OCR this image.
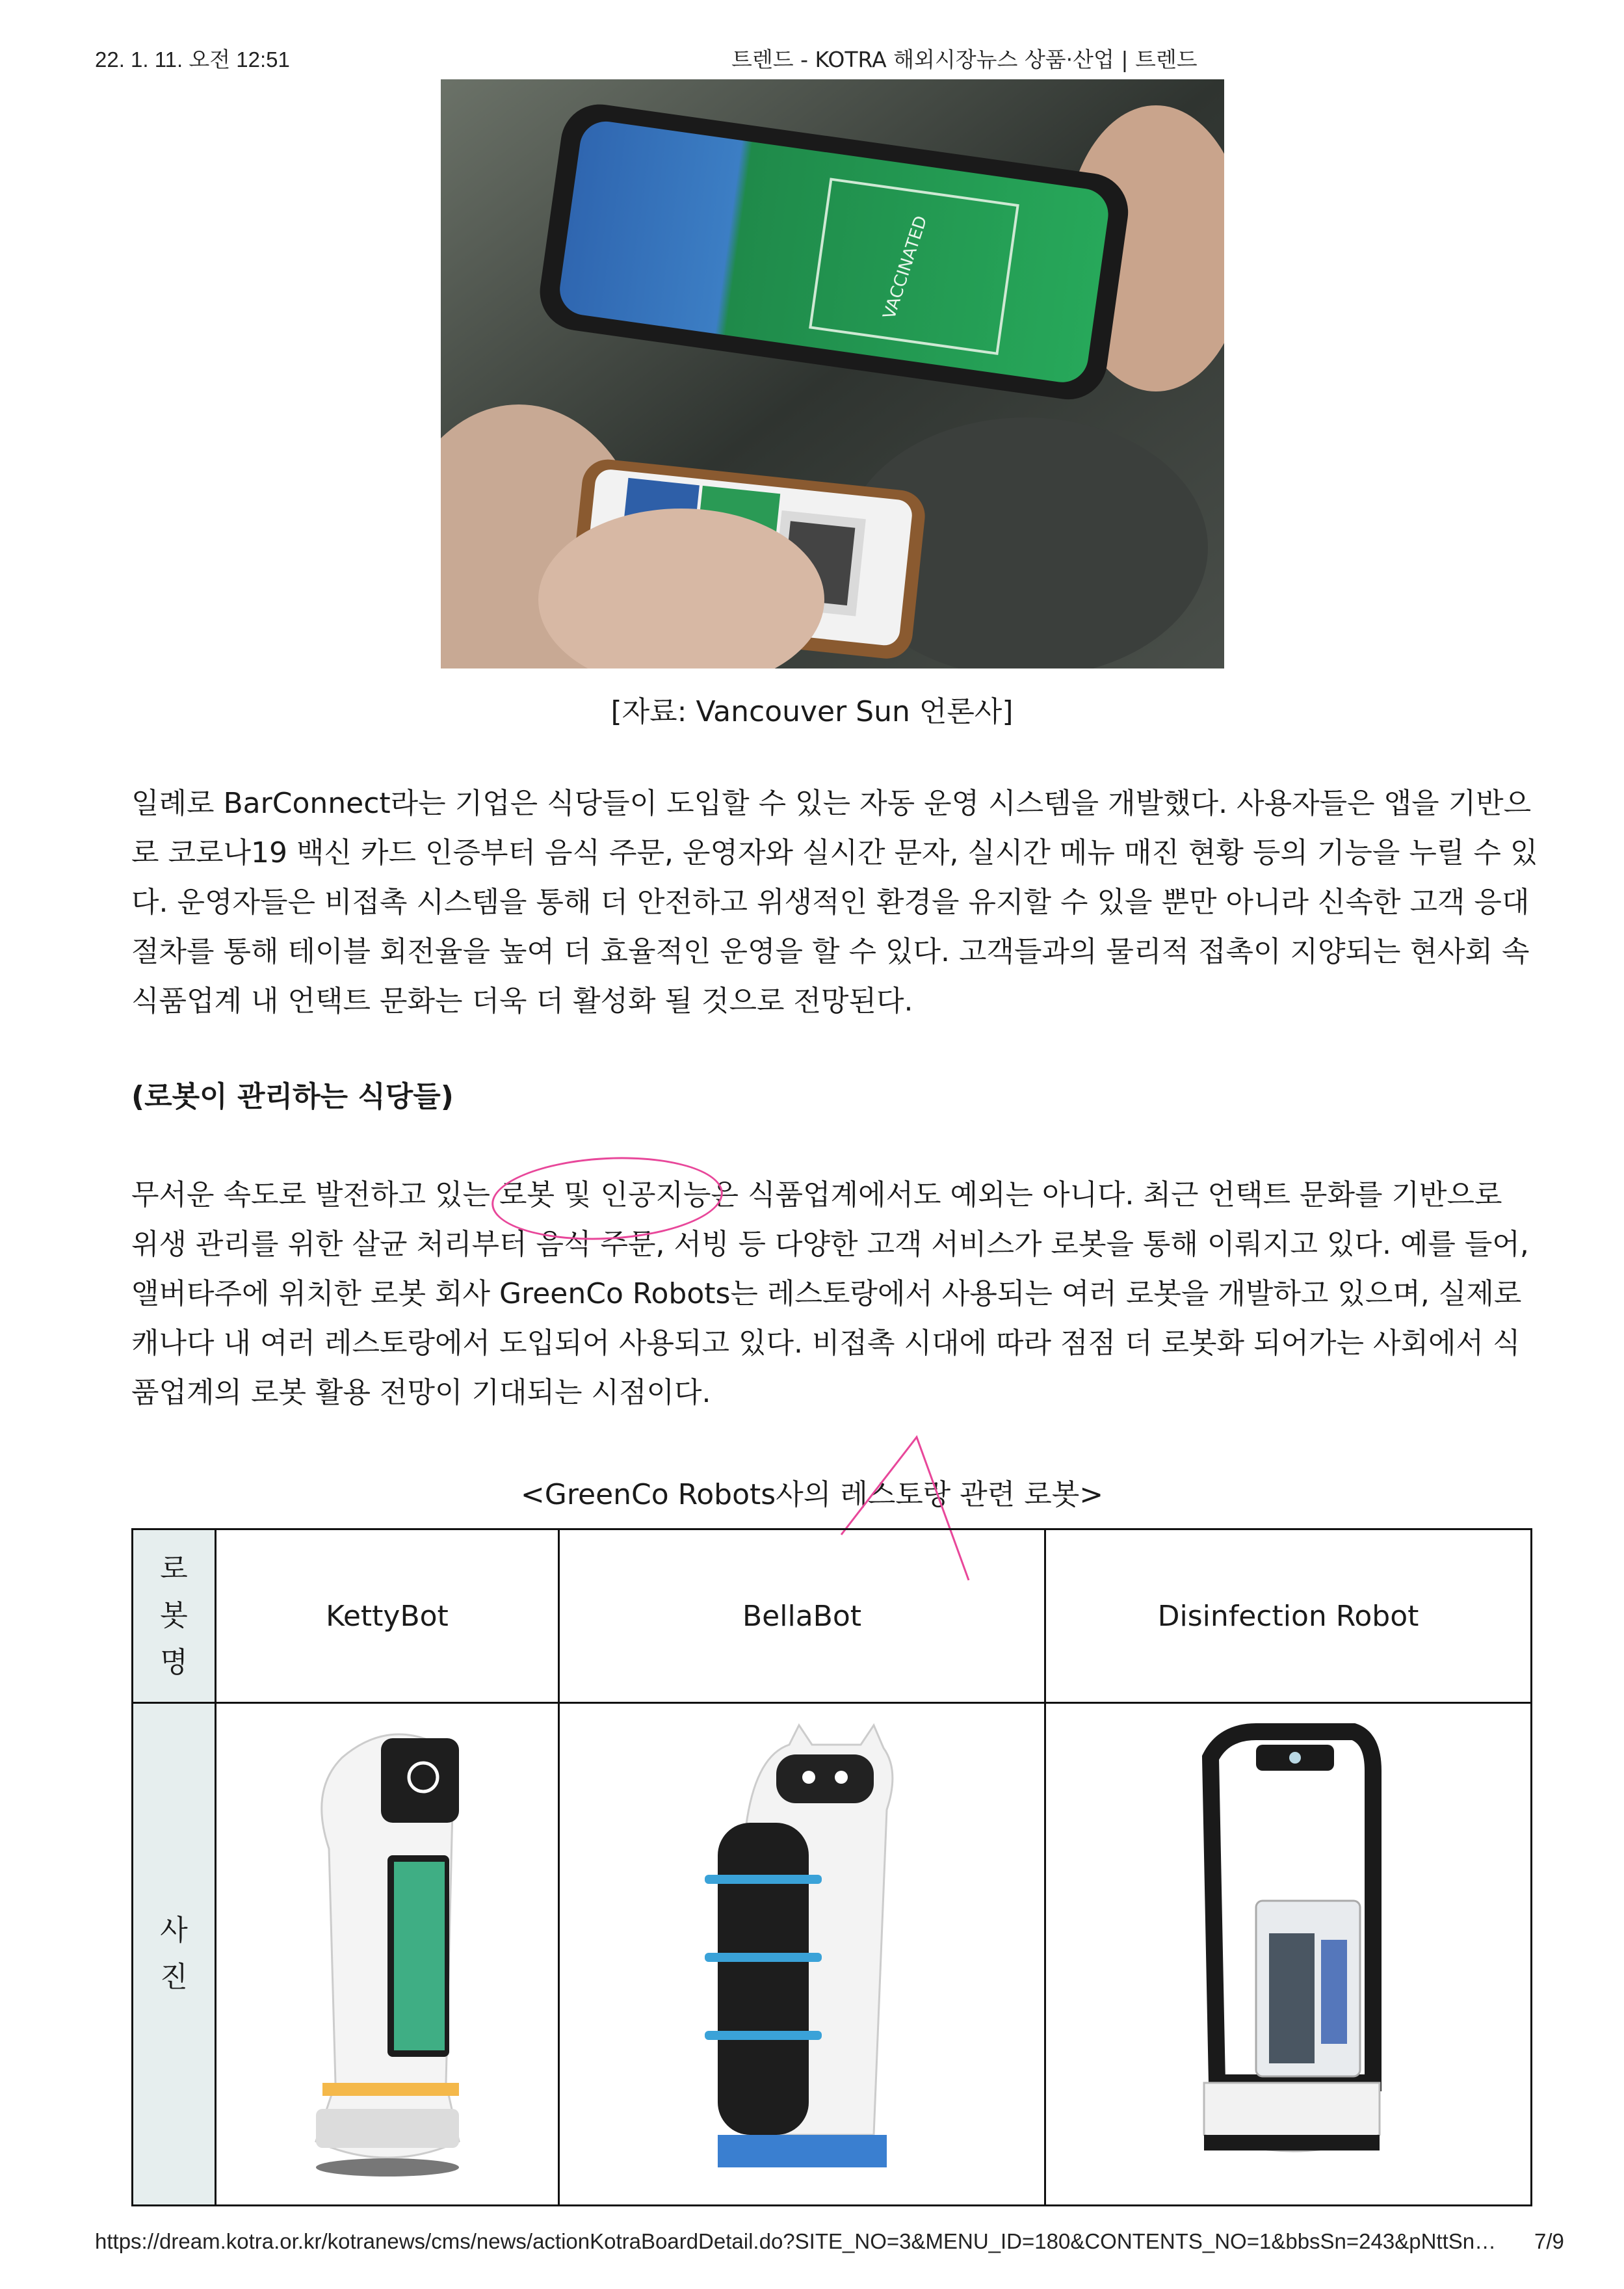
22. 1. 11. 오전 12:51	트렌드 - KOTRA 해외시장뉴스 상품·산업 | 트렌드
VACCINATED
[자료: Vancouver Sun 언론사]
일례로 BarConnect라는 기업은 식당들이 도입할 수 있는 자동 운영 시스템을 개발했다. 사용자들은 앱을 기반으
로 코로나19 백신 카드 인증부터 음식 주문, 운영자와 실시간 문자, 실시간 메뉴 매진 현황 등의 기능을 누릴 수 있
다. 운영자들은 비접촉 시스템을 통해 더 안전하고 위생적인 환경을 유지할 수 있을 뿐만 아니라 신속한 고객 응대
절차를 통해 테이블 회전율을 높여 더 효율적인 운영을 할 수 있다. 고객들과의 물리적 접촉이 지양되는 현사회 속
식품업계 내 언택트 문화는 더욱 더 활성화 될 것으로 전망된다.
(로봇이 관리하는 식당들)
무서운 속도로 발전하고 있는 로봇 및 인공지능은 식품업계에서도 예외는 아니다. 최근 언택트 문화를 기반으로
위생 관리를 위한 살균 처리부터 음식 주문, 서빙 등 다양한 고객 서비스가 로봇을 통해 이뤄지고 있다. 예를 들어,
앨버타주에 위치한 로봇 회사 GreenCo Robots는 레스토랑에서 사용되는 여러 로봇을 개발하고 있으며, 실제로
캐나다 내 여러 레스토랑에서 도입되어 사용되고 있다. 비접촉 시대에 따라 점점 더 로봇화 되어가는 사회에서 식
품업계의 로봇 활용 전망이 기대되는 시점이다.
<GreenCo Robots사의 레스토랑 관련 로봇>
로
봇
명	KettyBot	BellaBot	Disinfection Robot

사
진

https://dream.kotra.or.kr/kotranews/cms/news/actionKotraBoardDetail.do?SITE_NO=3&MENU_ID=180&CONTENTS_NO=1&bbsSn=243&pNttSn… 7/9
